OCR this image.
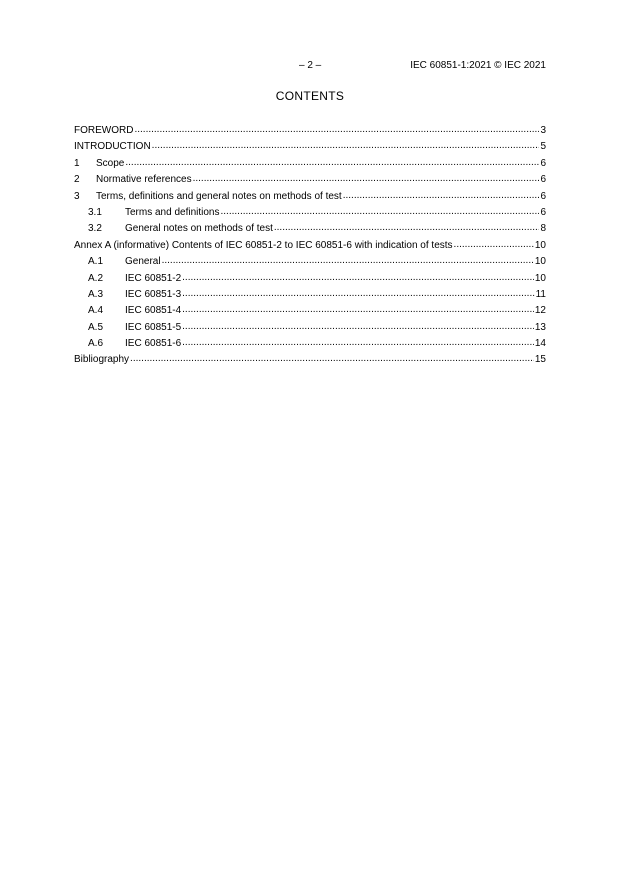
– 2 –	IEC 60851-1:2021 © IEC 2021
CONTENTS
FOREWORD .....	3
INTRODUCTION .....	5
1	Scope .....	6
2	Normative references .....	6
3	Terms, definitions and general notes on methods of test .....	6
3.1	Terms and definitions .....	6
3.2	General notes on methods of test .....	8
Annex A (informative) Contents of IEC 60851-2 to IEC 60851-6 with indication of tests .....	10
A.1	General .....	10
A.2	IEC 60851-2 .....	10
A.3	IEC 60851-3 .....	11
A.4	IEC 60851-4 .....	12
A.5	IEC 60851-5 .....	13
A.6	IEC 60851-6 .....	14
Bibliography .....	15
